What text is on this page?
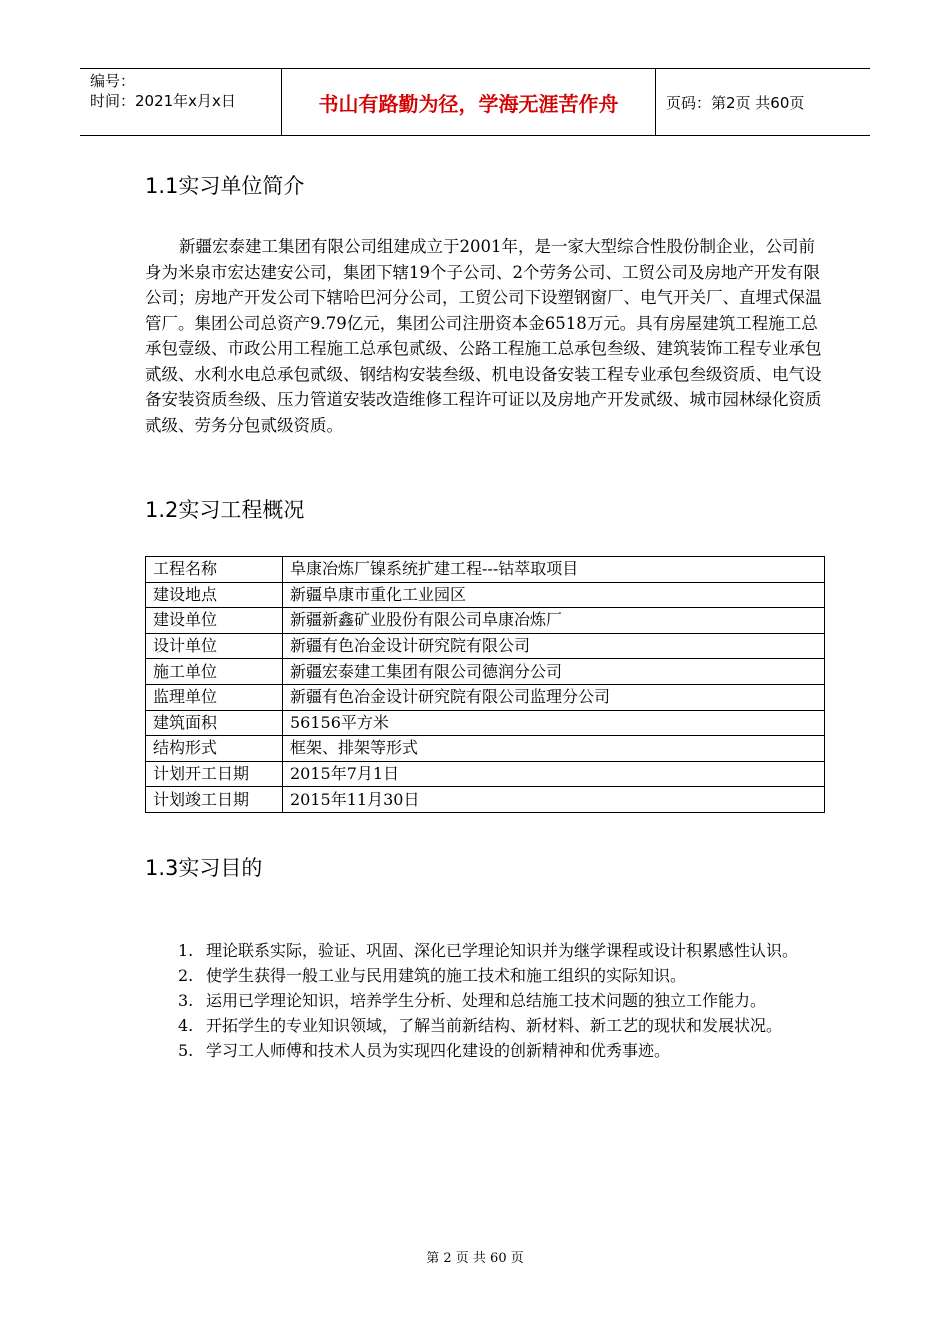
编号：
时间：2021年x月x日	书山有路勤为径，学海无涯苦作舟	页码：第2页 共60页
1.1实习单位简介

新疆宏泰建工集团有限公司组建成立于2001年，是一家大型综合性股份制企业，公司前身为米泉市宏达建安公司，集团下辖19个子公司、2个劳务公司、工贸公司及房地产开发有限公司；房地产开发公司下辖哈巴河分公司，工贸公司下设塑钢窗厂、电气开关厂、直埋式保温管厂。集团公司总资产9.79亿元，集团公司注册资本金6518万元。具有房屋建筑工程施工总承包壹级、市政公用工程施工总承包贰级、公路工程施工总承包叁级、建筑装饰工程专业承包贰级、水利水电总承包贰级、钢结构安装叁级、机电设备安装工程专业承包叁级资质、电气设备安装资质叁级、压力管道安装改造维修工程许可证以及房地产开发贰级、城市园林绿化资质贰级、劳务分包贰级资质。

1.2实习工程概况
工程名称	阜康冶炼厂镍系统扩建工程---钴萃取项目
建设地点	新疆阜康市重化工业园区
建设单位	新疆新鑫矿业股份有限公司阜康冶炼厂
设计单位	新疆有色冶金设计研究院有限公司
施工单位	新疆宏泰建工集团有限公司德润分公司
监理单位	新疆有色冶金设计研究院有限公司监理分公司
建筑面积	56156平方米
结构形式	框架、排架等形式
计划开工日期	2015年7月1日
计划竣工日期	2015年11月30日
1.3实习目的
1. 理论联系实际，验证、巩固、深化已学理论知识并为继学课程或设计积累感性认识。
2. 使学生获得一般工业与民用建筑的施工技术和施工组织的实际知识。
3. 运用已学理论知识，培养学生分析、处理和总结施工技术问题的独立工作能力。
4. 开拓学生的专业知识领域，了解当前新结构、新材料、新工艺的现状和发展状况。
5. 学习工人师傅和技术人员为实现四化建设的创新精神和优秀事迹。
第 2 页 共 60 页
